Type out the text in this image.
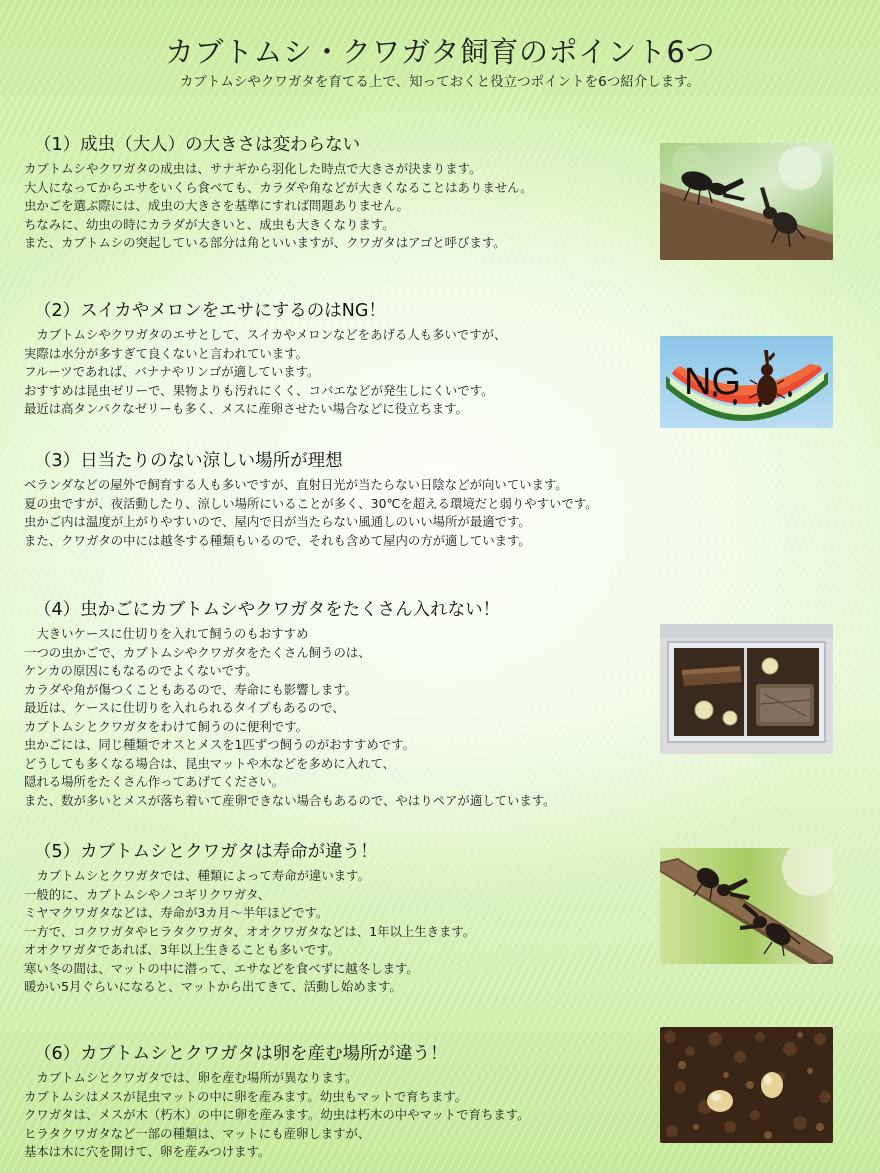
カブトムシ・クワガタ飼育のポイント6つ
カブトムシやクワガタを育てる上で、知っておくと役立つポイントを6つ紹介します。
（1）成虫（大人）の大きさは変わらない
カブトムシやクワガタの成虫は、サナギから羽化した時点で大きさが決まります。
大人になってからエサをいくら食べても、カラダや角などが大きくなることはありません。
虫かごを選ぶ際には、成虫の大きさを基準にすれば問題ありません。
ちなみに、幼虫の時にカラダが大きいと、成虫も大きくなります。
また、カブトムシの突起している部分は角といいますが、クワガタはアゴと呼びます。
（2）スイカやメロンをエサにするのはNG！
　カブトムシやクワガタのエサとして、スイカやメロンなどをあげる人も多いですが、
実際は水分が多すぎて良くないと言われています。
フルーツであれば、バナナやリンゴが適しています。
おすすめは昆虫ゼリーで、果物よりも汚れにくく、コバエなどが発生しにくいです。
最近は高タンパクなゼリーも多く、メスに産卵させたい場合などに役立ちます。
（3）日当たりのない涼しい場所が理想
ベランダなどの屋外で飼育する人も多いですが、直射日光が当たらない日陰などが向いています。
夏の虫ですが、夜活動したり、涼しい場所にいることが多く、30℃を超える環境だと弱りやすいです。
虫かご内は温度が上がりやすいので、屋内で日が当たらない風通しのいい場所が最適です。
また、クワガタの中には越冬する種類もいるので、それも含めて屋内の方が適しています。
（4）虫かごにカブトムシやクワガタをたくさん入れない！
　大きいケースに仕切りを入れて飼うのもおすすめ
一つの虫かごで、カブトムシやクワガタをたくさん飼うのは、
ケンカの原因にもなるのでよくないです。
カラダや角が傷つくこともあるので、寿命にも影響します。
最近は、ケースに仕切りを入れられるタイプもあるので、
カブトムシとクワガタをわけて飼うのに便利です。
虫かごには、同じ種類でオスとメスを1匹ずつ飼うのがおすすめです。
どうしても多くなる場合は、昆虫マットや木などを多めに入れて、
隠れる場所をたくさん作ってあげてください。
また、数が多いとメスが落ち着いて産卵できない場合もあるので、やはりペアが適しています。
（5）カブトムシとクワガタは寿命が違う！
　カブトムシとクワガタでは、種類によって寿命が違います。
一般的に、カブトムシやノコギリクワガタ、
ミヤマクワガタなどは、寿命が3カ月～半年ほどです。
一方で、コクワガタやヒラタクワガタ、オオクワガタなどは、1年以上生きます。
オオクワガタであれば、3年以上生きることも多いです。
寒い冬の間は、マットの中に潜って、エサなどを食べずに越冬します。
暖かい5月ぐらいになると、マットから出てきて、活動し始めます。
（6）カブトムシとクワガタは卵を産む場所が違う！
　カブトムシとクワガタでは、卵を産む場所が異なります。
カブトムシはメスが昆虫マットの中に卵を産みます。幼虫もマットで育ちます。
クワガタは、メスが木（朽木）の中に卵を産みます。幼虫は朽木の中やマットで育ちます。
ヒラタクワガタなど一部の種類は、マットにも産卵しますが、
基本は木に穴を開けて、卵を産みつけます。
NG
